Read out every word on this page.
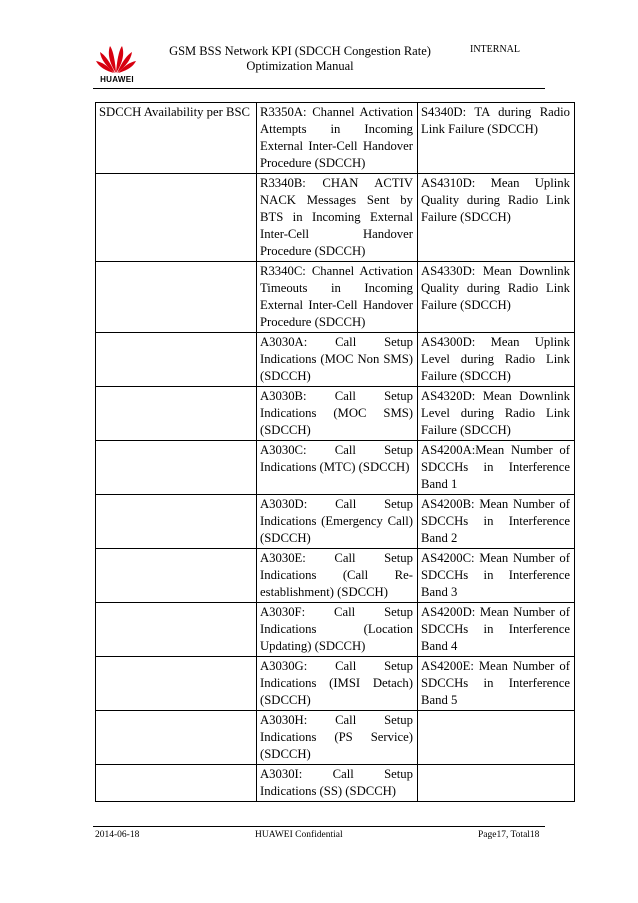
HUAWEI
GSM BSS Network KPI (SDCCH Congestion Rate)
Optimization Manual
INTERNAL
SDCCH Availability per BSC	R3350A: Channel Activation Attempts in Incoming External Inter-Cell Handover Procedure (SDCCH)	S4340D: TA during Radio Link Failure (SDCCH)
	R3340B: CHAN ACTIV NACK Messages Sent by BTS in Incoming External Inter-Cell Handover Procedure (SDCCH)	AS4310D: Mean Uplink Quality during Radio Link Failure (SDCCH)
	R3340C: Channel Activation Timeouts in Incoming External Inter-Cell Handover Procedure (SDCCH)	AS4330D: Mean Downlink Quality during Radio Link Failure (SDCCH)
	A3030A: Call Setup Indications (MOC Non SMS) (SDCCH)	AS4300D: Mean Uplink Level during Radio Link Failure (SDCCH)
	A3030B: Call Setup Indications (MOC SMS) (SDCCH)	AS4320D: Mean Downlink Level during Radio Link Failure (SDCCH)
	A3030C: Call Setup Indications (MTC) (SDCCH)	AS4200A:Mean Number of SDCCHs in Interference Band 1
	A3030D: Call Setup Indications (Emergency Call) (SDCCH)	AS4200B: Mean Number of SDCCHs in Interference Band 2
	A3030E: Call Setup Indications (Call Re-establishment) (SDCCH)	AS4200C: Mean Number of SDCCHs in Interference Band 3
	A3030F: Call Setup Indications (Location Updating) (SDCCH)	AS4200D: Mean Number of SDCCHs in Interference Band 4
	A3030G: Call Setup Indications (IMSI Detach) (SDCCH)	AS4200E: Mean Number of SDCCHs in Interference Band 5
	A3030H: Call Setup Indications (PS Service) (SDCCH)	
	A3030I: Call Setup Indications (SS) (SDCCH)	
2014-06-18	HUAWEI Confidential	Page17, Total18
